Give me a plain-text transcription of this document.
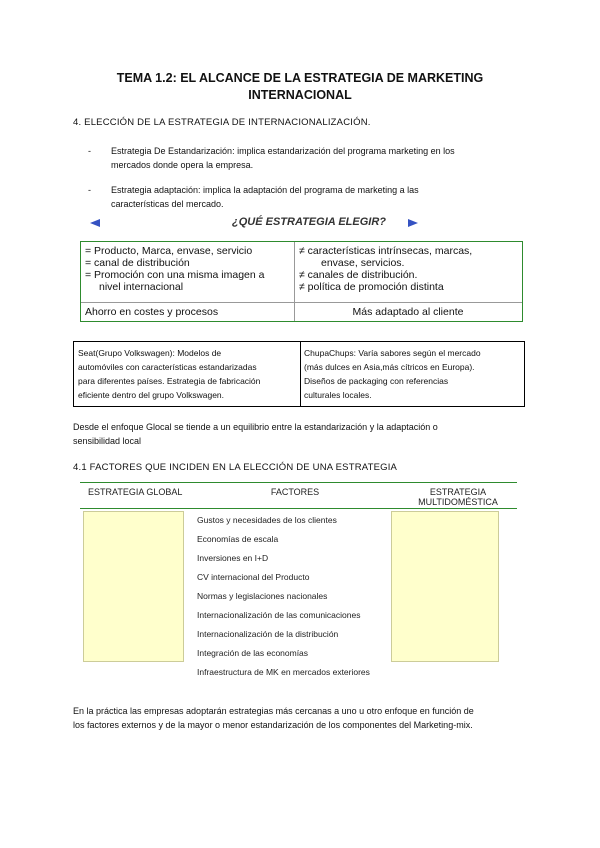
TEMA 1.2: EL ALCANCE DE LA ESTRATEGIA DE MARKETING
INTERNACIONAL
4. ELECCIÓN DE LA ESTRATEGIA DE INTERNACIONALIZACIÓN.
- Estrategia De Estandarización: implica estandarización del programa marketing en los
mercados donde opera la empresa.
- Estrategia adaptación: implica la adaptación del programa de marketing a las
características del mercado.
¿QUÉ ESTRATEGIA ELEGIR?
= Producto, Marca, envase, servicio
= canal de distribución
= Promoción con una misma imagen a
nivel internacional
≠ características intrínsecas, marcas,
envase, servicios.
≠ canales de distribución.
≠ política de promoción distinta
Ahorro en costes y procesos	Más adaptado al cliente
Seat(Grupo Volkswagen): Modelos de
automóviles con características estandarizadas
para diferentes países. Estrategia de fabricación
eficiente dentro del grupo Volkswagen.
ChupaChups: Varía sabores según el mercado
(más dulces en Asia,más cítricos en Europa).
Diseños de packaging con referencias
culturales locales.
Desde el enfoque Glocal se tiende a un equilibrio entre la estandarización y la adaptación o
sensibilidad local
4.1 FACTORES QUE INCIDEN EN LA ELECCIÓN DE UNA ESTRATEGIA
ESTRATEGIA GLOBAL	FACTORES	ESTRATEGIA
MULTIDOMÉSTICA
Gustos y necesidades de los clientes
Economías de escala
Inversiones en I+D
CV internacional del Producto
Normas y legislaciones nacionales
Internacionalización de las comunicaciones
Internacionalización de la distribución
Integración de las economías
Infraestructura de MK en mercados exteriores
En la práctica las empresas adoptarán estrategias más cercanas a uno u otro enfoque en función de
los factores externos y de la mayor o menor estandarización de los componentes del Marketing-mix.
